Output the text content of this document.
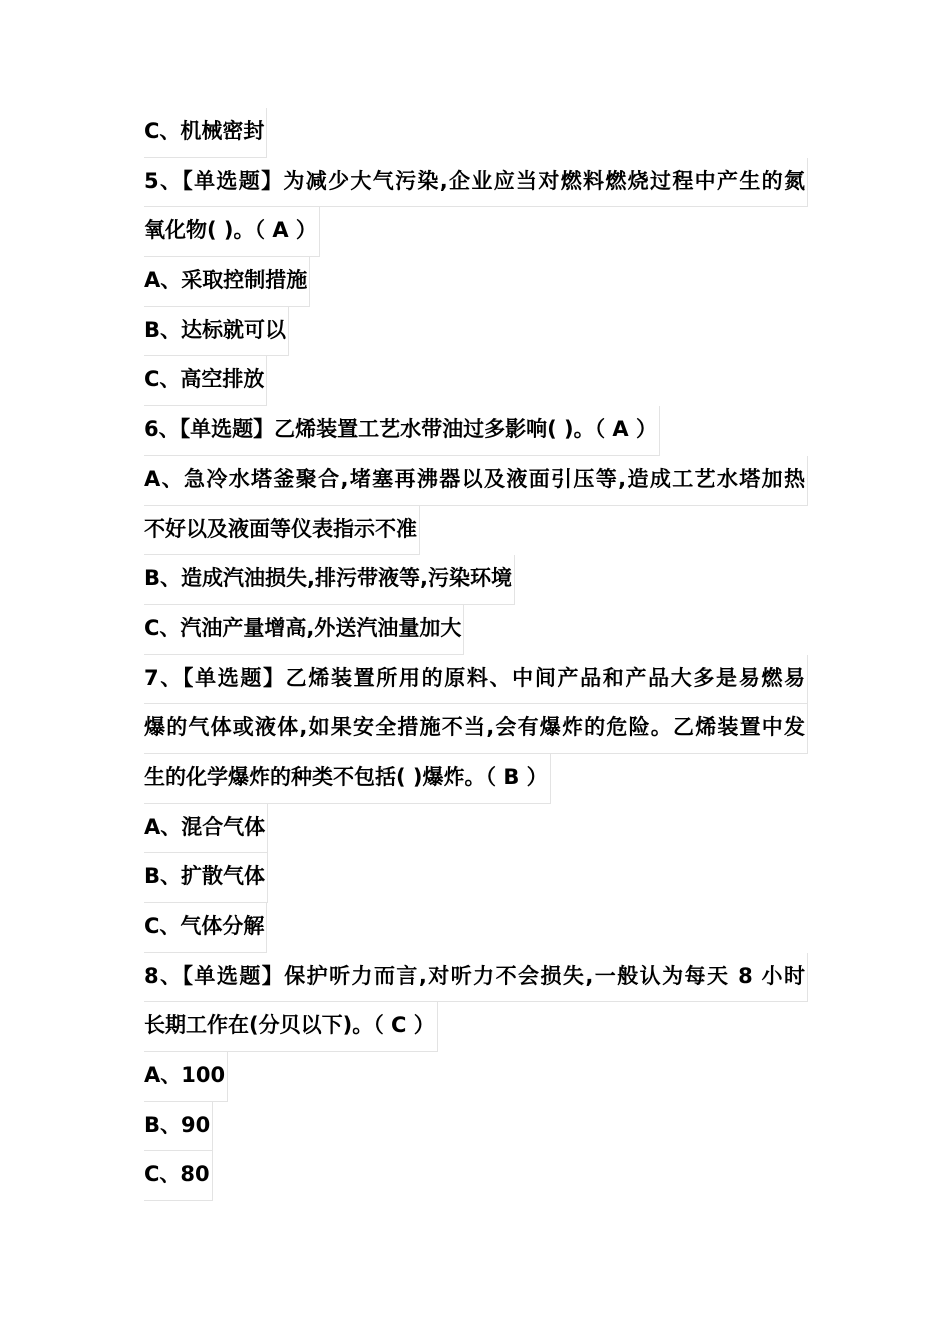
C、机械密封
5、【单选题】为减少大气污染,企业应当对燃料燃烧过程中产生的氮
氧化物( )。（ A ）
A、采取控制措施
B、达标就可以
C、高空排放
6、【单选题】乙烯装置工艺水带油过多影响( )。（ A ）
A、急冷水塔釜聚合,堵塞再沸器以及液面引压等,造成工艺水塔加热
不好以及液面等仪表指示不准
B、造成汽油损失,排污带液等,污染环境
C、汽油产量增高,外送汽油量加大
7、【单选题】乙烯装置所用的原料、中间产品和产品大多是易燃易
爆的气体或液体,如果安全措施不当,会有爆炸的危险。乙烯装置中发
生的化学爆炸的种类不包括( )爆炸。（ B ）
A、混合气体
B、扩散气体
C、气体分解
8、【单选题】保护听力而言,对听力不会损失,一般认为每天 8 小时
长期工作在(分贝以下)。（ C ）
A、100
B、90
C、80
